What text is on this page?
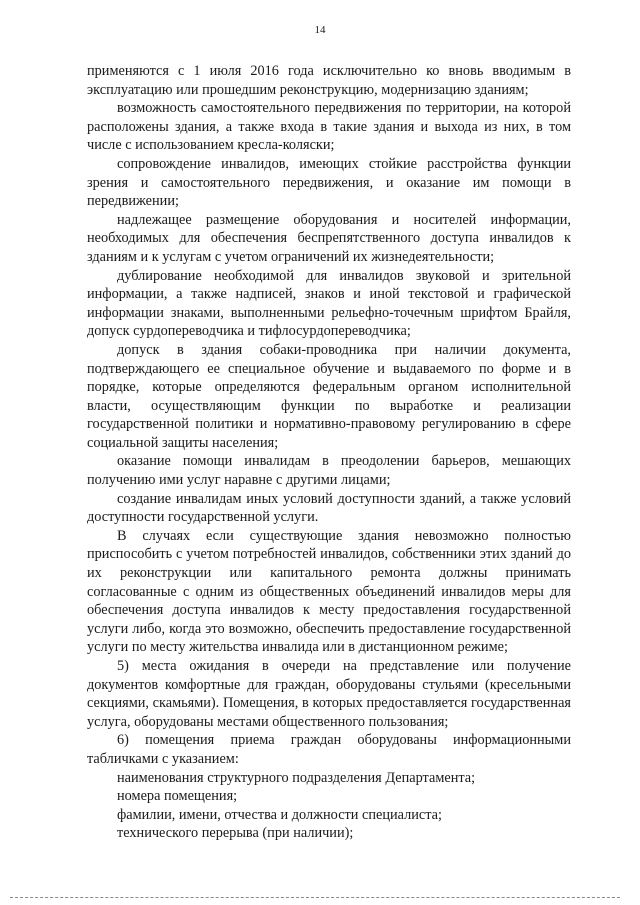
14

применяются с 1 июля 2016 года исключительно ко вновь вводимым в эксплуатацию или прошедшим реконструкцию, модернизацию зданиям;

возможность самостоятельного передвижения по территории, на которой расположены здания, а также входа в такие здания и выхода из них, в том числе с использованием кресла-коляски;

сопровождение инвалидов, имеющих стойкие расстройства функции зрения и самостоятельного передвижения, и оказание им помощи в передвижении;

надлежащее размещение оборудования и носителей информации, необходимых для обеспечения беспрепятственного доступа инвалидов к зданиям и к услугам с учетом ограничений их жизнедеятельности;

дублирование необходимой для инвалидов звуковой и зрительной информации, а также надписей, знаков и иной текстовой и графической информации знаками, выполненными рельефно-точечным шрифтом Брайля, допуск сурдопереводчика и тифлосурдопереводчика;

допуск в здания собаки-проводника при наличии документа, подтверждающего ее специальное обучение и выдаваемого по форме и в порядке, которые определяются федеральным органом исполнительной власти, осуществляющим функции по выработке и реализации государственной политики и нормативно-правовому регулированию в сфере социальной защиты населения;

оказание помощи инвалидам в преодолении барьеров, мешающих получению ими услуг наравне с другими лицами;

создание инвалидам иных условий доступности зданий, а также условий доступности государственной услуги.

В случаях если существующие здания невозможно полностью приспособить с учетом потребностей инвалидов, собственники этих зданий до их реконструкции или капитального ремонта должны принимать согласованные с одним из общественных объединений инвалидов меры для обеспечения доступа инвалидов к месту предоставления государственной услуги либо, когда это возможно, обеспечить предоставление государственной услуги по месту жительства инвалида или в дистанционном режиме;

5) места ожидания в очереди на представление или получение документов комфортные для граждан, оборудованы стульями (кресельными секциями, скамьями). Помещения, в которых предоставляется государственная услуга, оборудованы местами общественного пользования;

6) помещения приема граждан оборудованы информационными табличками с указанием:

наименования структурного подразделения Департамента;

номера помещения;

фамилии, имени, отчества и должности специалиста;

технического перерыва (при наличии);
